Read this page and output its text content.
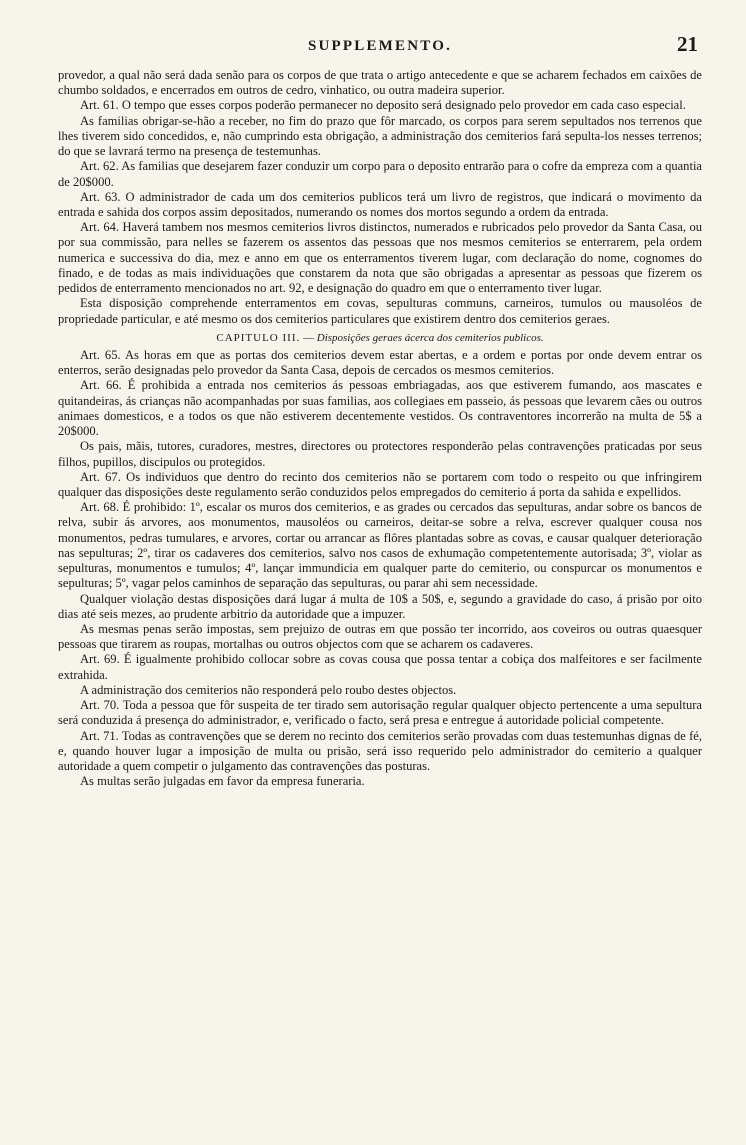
SUPPLEMENTO.	21

provedor, a qual não será dada senão para os corpos de que trata o artigo antecedente e que se acharem fechados em caixões de chumbo soldados, e encerrados em outros de cedro, vinhatico, ou outra madeira superior.

Art. 61. O tempo que esses corpos poderão permanecer no deposito será designado pelo provedor em cada caso especial.

As familias obrigar-se-hão a receber, no fim do prazo que fôr marcado, os corpos para serem sepultados nos terrenos que lhes tiverem sido concedidos, e, não cumprindo esta obrigação, a administração dos cemiterios fará sepulta-los nesses terrenos; do que se lavrará termo na presença de testemunhas.

Art. 62. As familias que desejarem fazer conduzir um corpo para o deposito entrarão para o cofre da empreza com a quantia de 20$000.

Art. 63. O administrador de cada um dos cemiterios publicos terá um livro de registros, que indicará o movimento da entrada e sahida dos corpos assim depositados, numerando os nomes dos mortos segundo a ordem da entrada.

Art. 64. Haverá tambem nos mesmos cemiterios livros distinctos, numerados e rubricados pelo provedor da Santa Casa, ou por sua commissão, para nelles se fazerem os assentos das pessoas que nos mesmos cemiterios se enterrarem, pela ordem numerica e successiva do dia, mez e anno em que os enterramentos tiverem lugar, com declaração do nome, cognomes do finado, e de todas as mais individuações que constarem da nota que são obrigadas a apresentar as pessoas que fizerem os pedidos de enterramento mencionados no art. 92, e designação do quadro em que o enterramento tiver lugar.

Esta disposição comprehende enterramentos em covas, sepulturas communs, carneiros, tumulos ou mausoléos de propriedade particular, e até mesmo os dos cemiterios particulares que existirem dentro dos cemiterios geraes.

CAPITULO III. — Disposições geraes ácerca dos cemiterios publicos.

Art. 65. As horas em que as portas dos cemiterios devem estar abertas, e a ordem e portas por onde devem entrar os enterros, serão designadas pelo provedor da Santa Casa, depois de cercados os mesmos cemiterios.

Art. 66. É prohibida a entrada nos cemiterios ás pessoas embriagadas, aos que estiverem fumando, aos mascates e quitandeiras, ás crianças não acompanhadas por suas familias, aos collegiaes em passeio, ás pessoas que levarem cães ou outros animaes domesticos, e a todos os que não estiverem decentemente vestidos. Os contraventores incorrerão na multa de 5$ a 20$000.

Os pais, mãis, tutores, curadores, mestres, directores ou protectores responderão pelas contravenções praticadas por seus filhos, pupillos, discipulos ou protegidos.

Art. 67. Os individuos que dentro do recinto dos cemiterios não se portarem com todo o respeito ou que infringirem qualquer das disposições deste regulamento serão conduzidos pelos empregados do cemiterio á porta da sahida e expellidos.

Art. 68. É prohibido: 1º, escalar os muros dos cemiterios, e as grades ou cercados das sepulturas, andar sobre os bancos de relva, subir ás arvores, aos monumentos, mausoléos ou carneiros, deitar-se sobre a relva, escrever qualquer cousa nos monumentos, pedras tumulares, e arvores, cortar ou arrancar as flôres plantadas sobre as covas, e causar qualquer deterioração nas sepulturas; 2º, tirar os cadaveres dos cemiterios, salvo nos casos de exhumação competentemente autorisada; 3º, violar as sepulturas, monumentos e tumulos; 4º, lançar immundicia em qualquer parte do cemiterio, ou conspurcar os monumentos e sepulturas; 5º, vagar pelos caminhos de separação das sepulturas, ou parar ahi sem necessidade.

Qualquer violação destas disposições dará lugar á multa de 10$ a 50$, e, segundo a gravidade do caso, á prisão por oito dias até seis mezes, ao prudente arbitrio da autoridade que a impuzer.

As mesmas penas serão impostas, sem prejuizo de outras em que possão ter incorrido, aos coveiros ou outras quaesquer pessoas que tirarem as roupas, mortalhas ou outros objectos com que se acharem os cadaveres.

Art. 69. É igualmente prohibido collocar sobre as covas cousa que possa tentar a cobiça dos malfeitores e ser facilmente extrahida.

A administração dos cemiterios não responderá pelo roubo destes objectos.

Art. 70. Toda a pessoa que fôr suspeita de ter tirado sem autorisação regular qualquer objecto pertencente a uma sepultura será conduzida á presença do administrador, e, verificado o facto, será presa e entregue á autoridade policial competente.

Art. 71. Todas as contravenções que se derem no recinto dos cemiterios serão provadas com duas testemunhas dignas de fé, e, quando houver lugar a imposição de multa ou prisão, será isso requerido pelo administrador do cemiterio a qualquer autoridade a quem competir o julgamento das contravenções das posturas.

As multas serão julgadas em favor da empresa funeraria.
